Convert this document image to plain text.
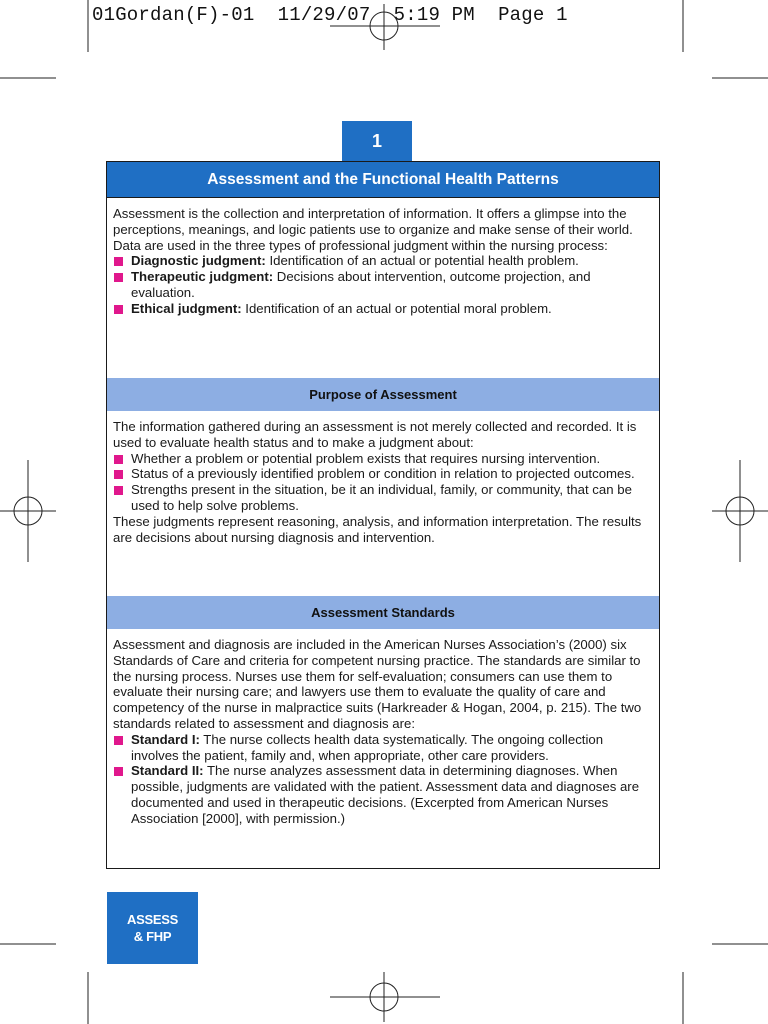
01Gordan(F)-01  11/29/07  5:19 PM  Page 1
1
Assessment and the Functional Health Patterns

Assessment is the collection and interpretation of information. It offers a glimpse into the perceptions, meanings, and logic patients use to organize and make sense of their world. Data are used in the three types of professional judgment within the nursing process:

Diagnostic judgment: Identification of an actual or potential health problem.
Therapeutic judgment: Decisions about intervention, outcome projection, and evaluation.
Ethical judgment: Identification of an actual or potential moral problem.
Purpose of Assessment

The information gathered during an assessment is not merely collected and recorded. It is used to evaluate health status and to make a judgment about:

Whether a problem or potential problem exists that requires nursing intervention.
Status of a previously identified problem or condition in relation to projected outcomes.
Strengths present in the situation, be it an individual, family, or community, that can be used to help solve problems.

These judgments represent reasoning, analysis, and information interpretation. The results are decisions about nursing diagnosis and intervention.

Assessment Standards

Assessment and diagnosis are included in the American Nurses Association’s (2000) six Standards of Care and criteria for competent nursing practice. The standards are similar to the nursing process. Nurses use them for self-evaluation; consumers can use them to evaluate their nursing care; and lawyers use them to evaluate the quality of care and competency of the nurse in malpractice suits (Harkreader & Hogan, 2004, p. 215). The two standards related to assessment and diagnosis are:

Standard I: The nurse collects health data systematically. The ongoing collection involves the patient, family and, when appropriate, other care providers.
Standard II: The nurse analyzes assessment data in determining diagnoses. When possible, judgments are validated with the patient. Assessment data and diagnoses are documented and used in therapeutic decisions. (Excerpted from American Nurses Association [2000], with permission.)
ASSESS
& FHP
